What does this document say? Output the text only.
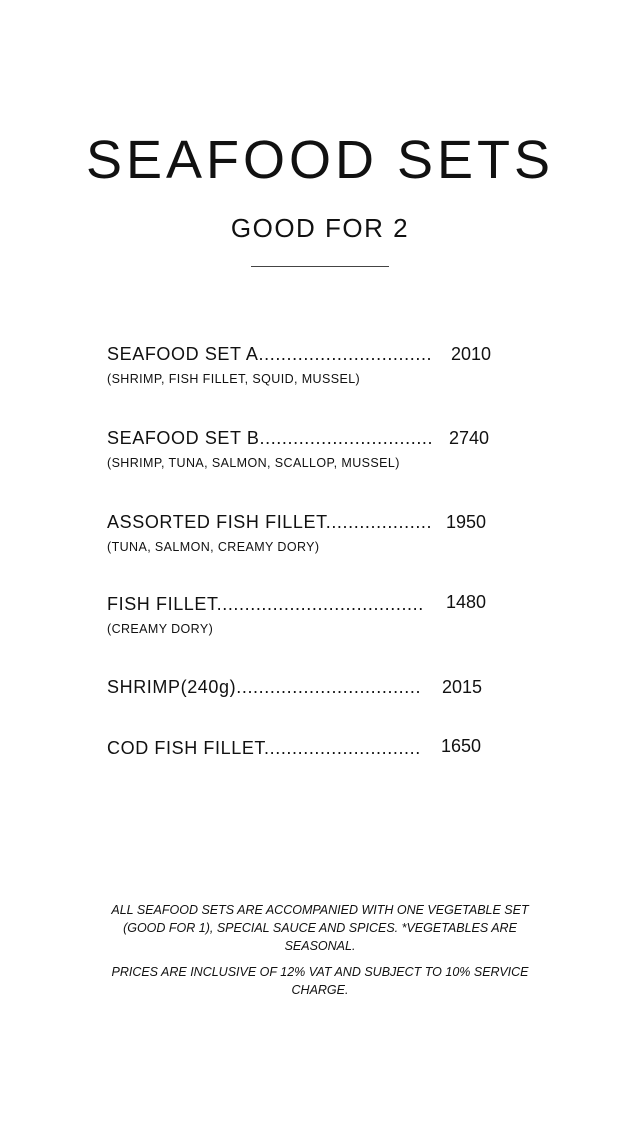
SEAFOOD SETS
GOOD FOR 2
SEAFOOD SET A............................... 2010
(SHRIMP, FISH FILLET, SQUID, MUSSEL)
SEAFOOD SET B............................... 2740
(SHRIMP, TUNA, SALMON, SCALLOP, MUSSEL)
ASSORTED FISH FILLET................... 1950
(TUNA, SALMON, CREAMY DORY)
FISH FILLET..................................... 1480
(CREAMY DORY)
SHRIMP(240g)................................. 2015
COD FISH FILLET............................ 1650
ALL SEAFOOD SETS ARE ACCOMPANIED WITH ONE VEGETABLE SET (GOOD FOR 1), SPECIAL SAUCE AND SPICES. *VEGETABLES ARE SEASONAL.
PRICES ARE INCLUSIVE OF 12% VAT AND SUBJECT TO 10% SERVICE CHARGE.
